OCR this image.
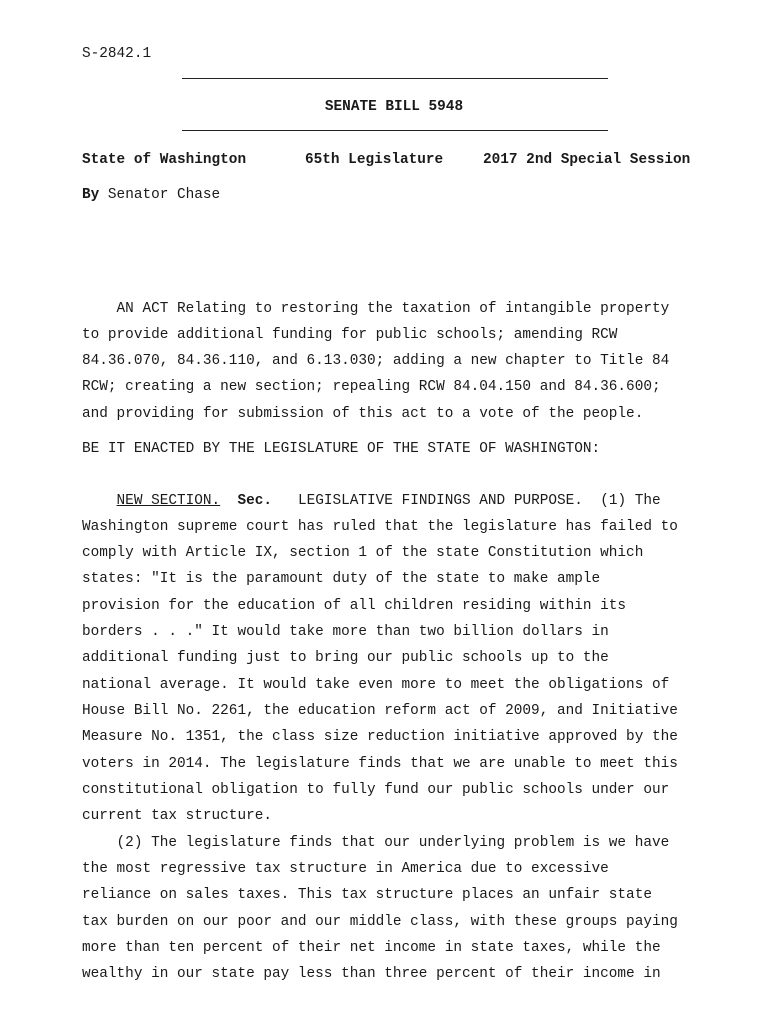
S-2842.1
SENATE BILL 5948
State of Washington	65th Legislature	2017 2nd Special Session
By Senator Chase
AN ACT Relating to restoring the taxation of intangible property
to provide additional funding for public schools; amending RCW
84.36.070, 84.36.110, and 6.13.030; adding a new chapter to Title 84
RCW; creating a new section; repealing RCW 84.04.150 and 84.36.600;
and providing for submission of this act to a vote of the people.
BE IT ENACTED BY THE LEGISLATURE OF THE STATE OF WASHINGTON:
NEW SECTION. Sec. LEGISLATIVE FINDINGS AND PURPOSE.  (1) The
Washington supreme court has ruled that the legislature has failed to
comply with Article IX, section 1 of the state Constitution which
states: "It is the paramount duty of the state to make ample
provision for the education of all children residing within its
borders . . ." It would take more than two billion dollars in
additional funding just to bring our public schools up to the
national average. It would take even more to meet the obligations of
House Bill No. 2261, the education reform act of 2009, and Initiative
Measure No. 1351, the class size reduction initiative approved by the
voters in 2014. The legislature finds that we are unable to meet this
constitutional obligation to fully fund our public schools under our
current tax structure.
(2) The legislature finds that our underlying problem is we have
the most regressive tax structure in America due to excessive
reliance on sales taxes. This tax structure places an unfair state
tax burden on our poor and our middle class, with these groups paying
more than ten percent of their net income in state taxes, while the
wealthy in our state pay less than three percent of their income in
